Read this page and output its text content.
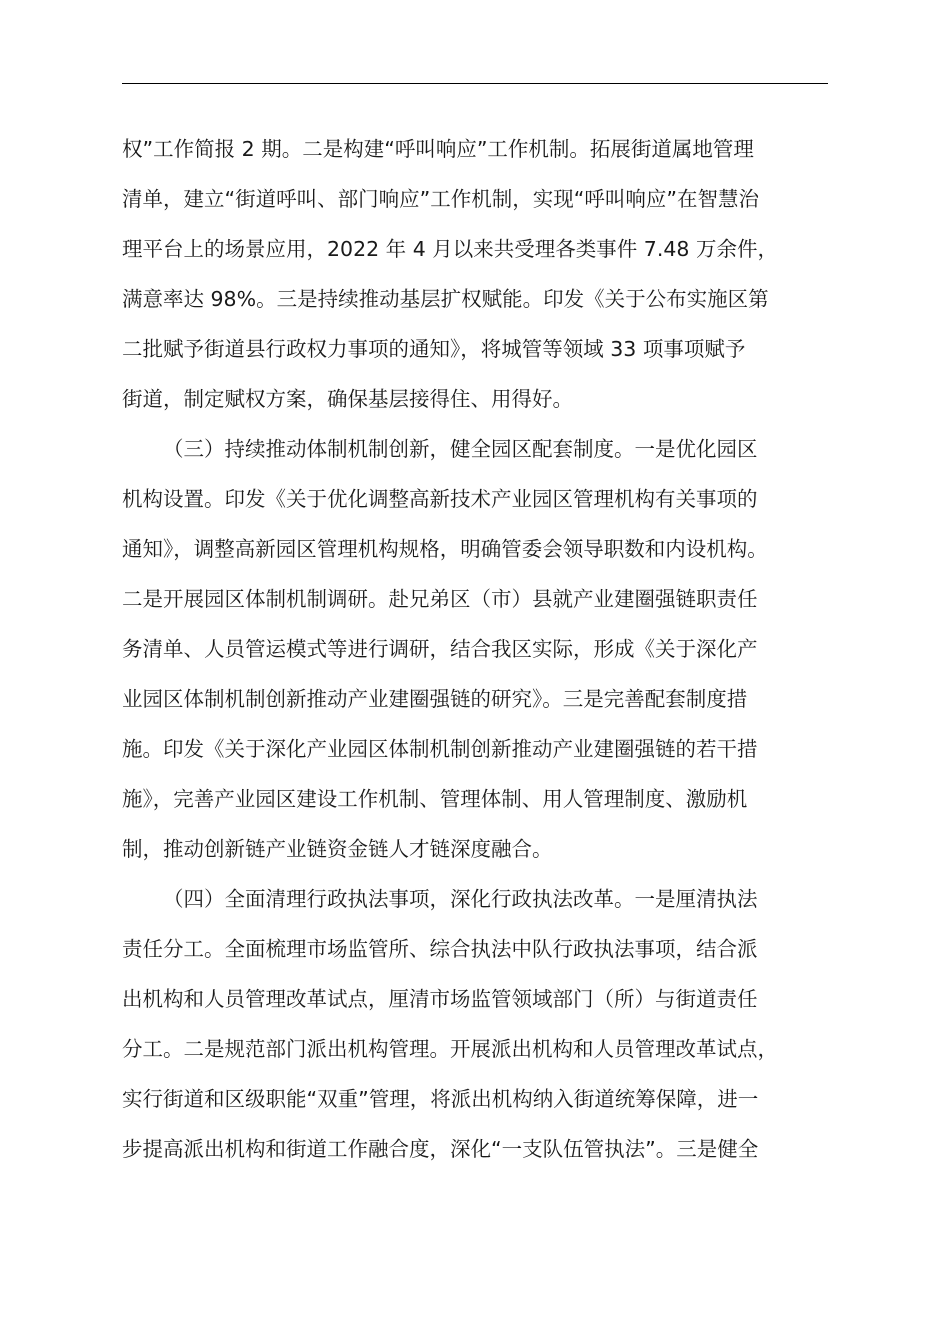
权”工作简报 2 期。二是构建“呼叫响应”工作机制。拓展街道属地管理
清单，建立“街道呼叫、部门响应”工作机制，实现“呼叫响应”在智慧治
理平台上的场景应用，2022 年 4 月以来共受理各类事件 7.48 万余件，
满意率达 98%。三是持续推动基层扩权赋能。印发《关于公布实施区第
二批赋予街道县行政权力事项的通知》，将城管等领域 33 项事项赋予
街道，制定赋权方案，确保基层接得住、用得好。
（三）持续推动体制机制创新，健全园区配套制度。一是优化园区
机构设置。印发《关于优化调整高新技术产业园区管理机构有关事项的
通知》，调整高新园区管理机构规格，明确管委会领导职数和内设机构。
二是开展园区体制机制调研。赴兄弟区（市）县就产业建圈强链职责任
务清单、人员管运模式等进行调研，结合我区实际，形成《关于深化产
业园区体制机制创新推动产业建圈强链的研究》。三是完善配套制度措
施。印发《关于深化产业园区体制机制创新推动产业建圈强链的若干措
施》，完善产业园区建设工作机制、管理体制、用人管理制度、激励机
制，推动创新链产业链资金链人才链深度融合。
（四）全面清理行政执法事项，深化行政执法改革。一是厘清执法
责任分工。全面梳理市场监管所、综合执法中队行政执法事项，结合派
出机构和人员管理改革试点，厘清市场监管领域部门（所）与街道责任
分工。二是规范部门派出机构管理。开展派出机构和人员管理改革试点，
实行街道和区级职能“双重”管理，将派出机构纳入街道统筹保障，进一
步提高派出机构和街道工作融合度，深化“一支队伍管执法”。三是健全
